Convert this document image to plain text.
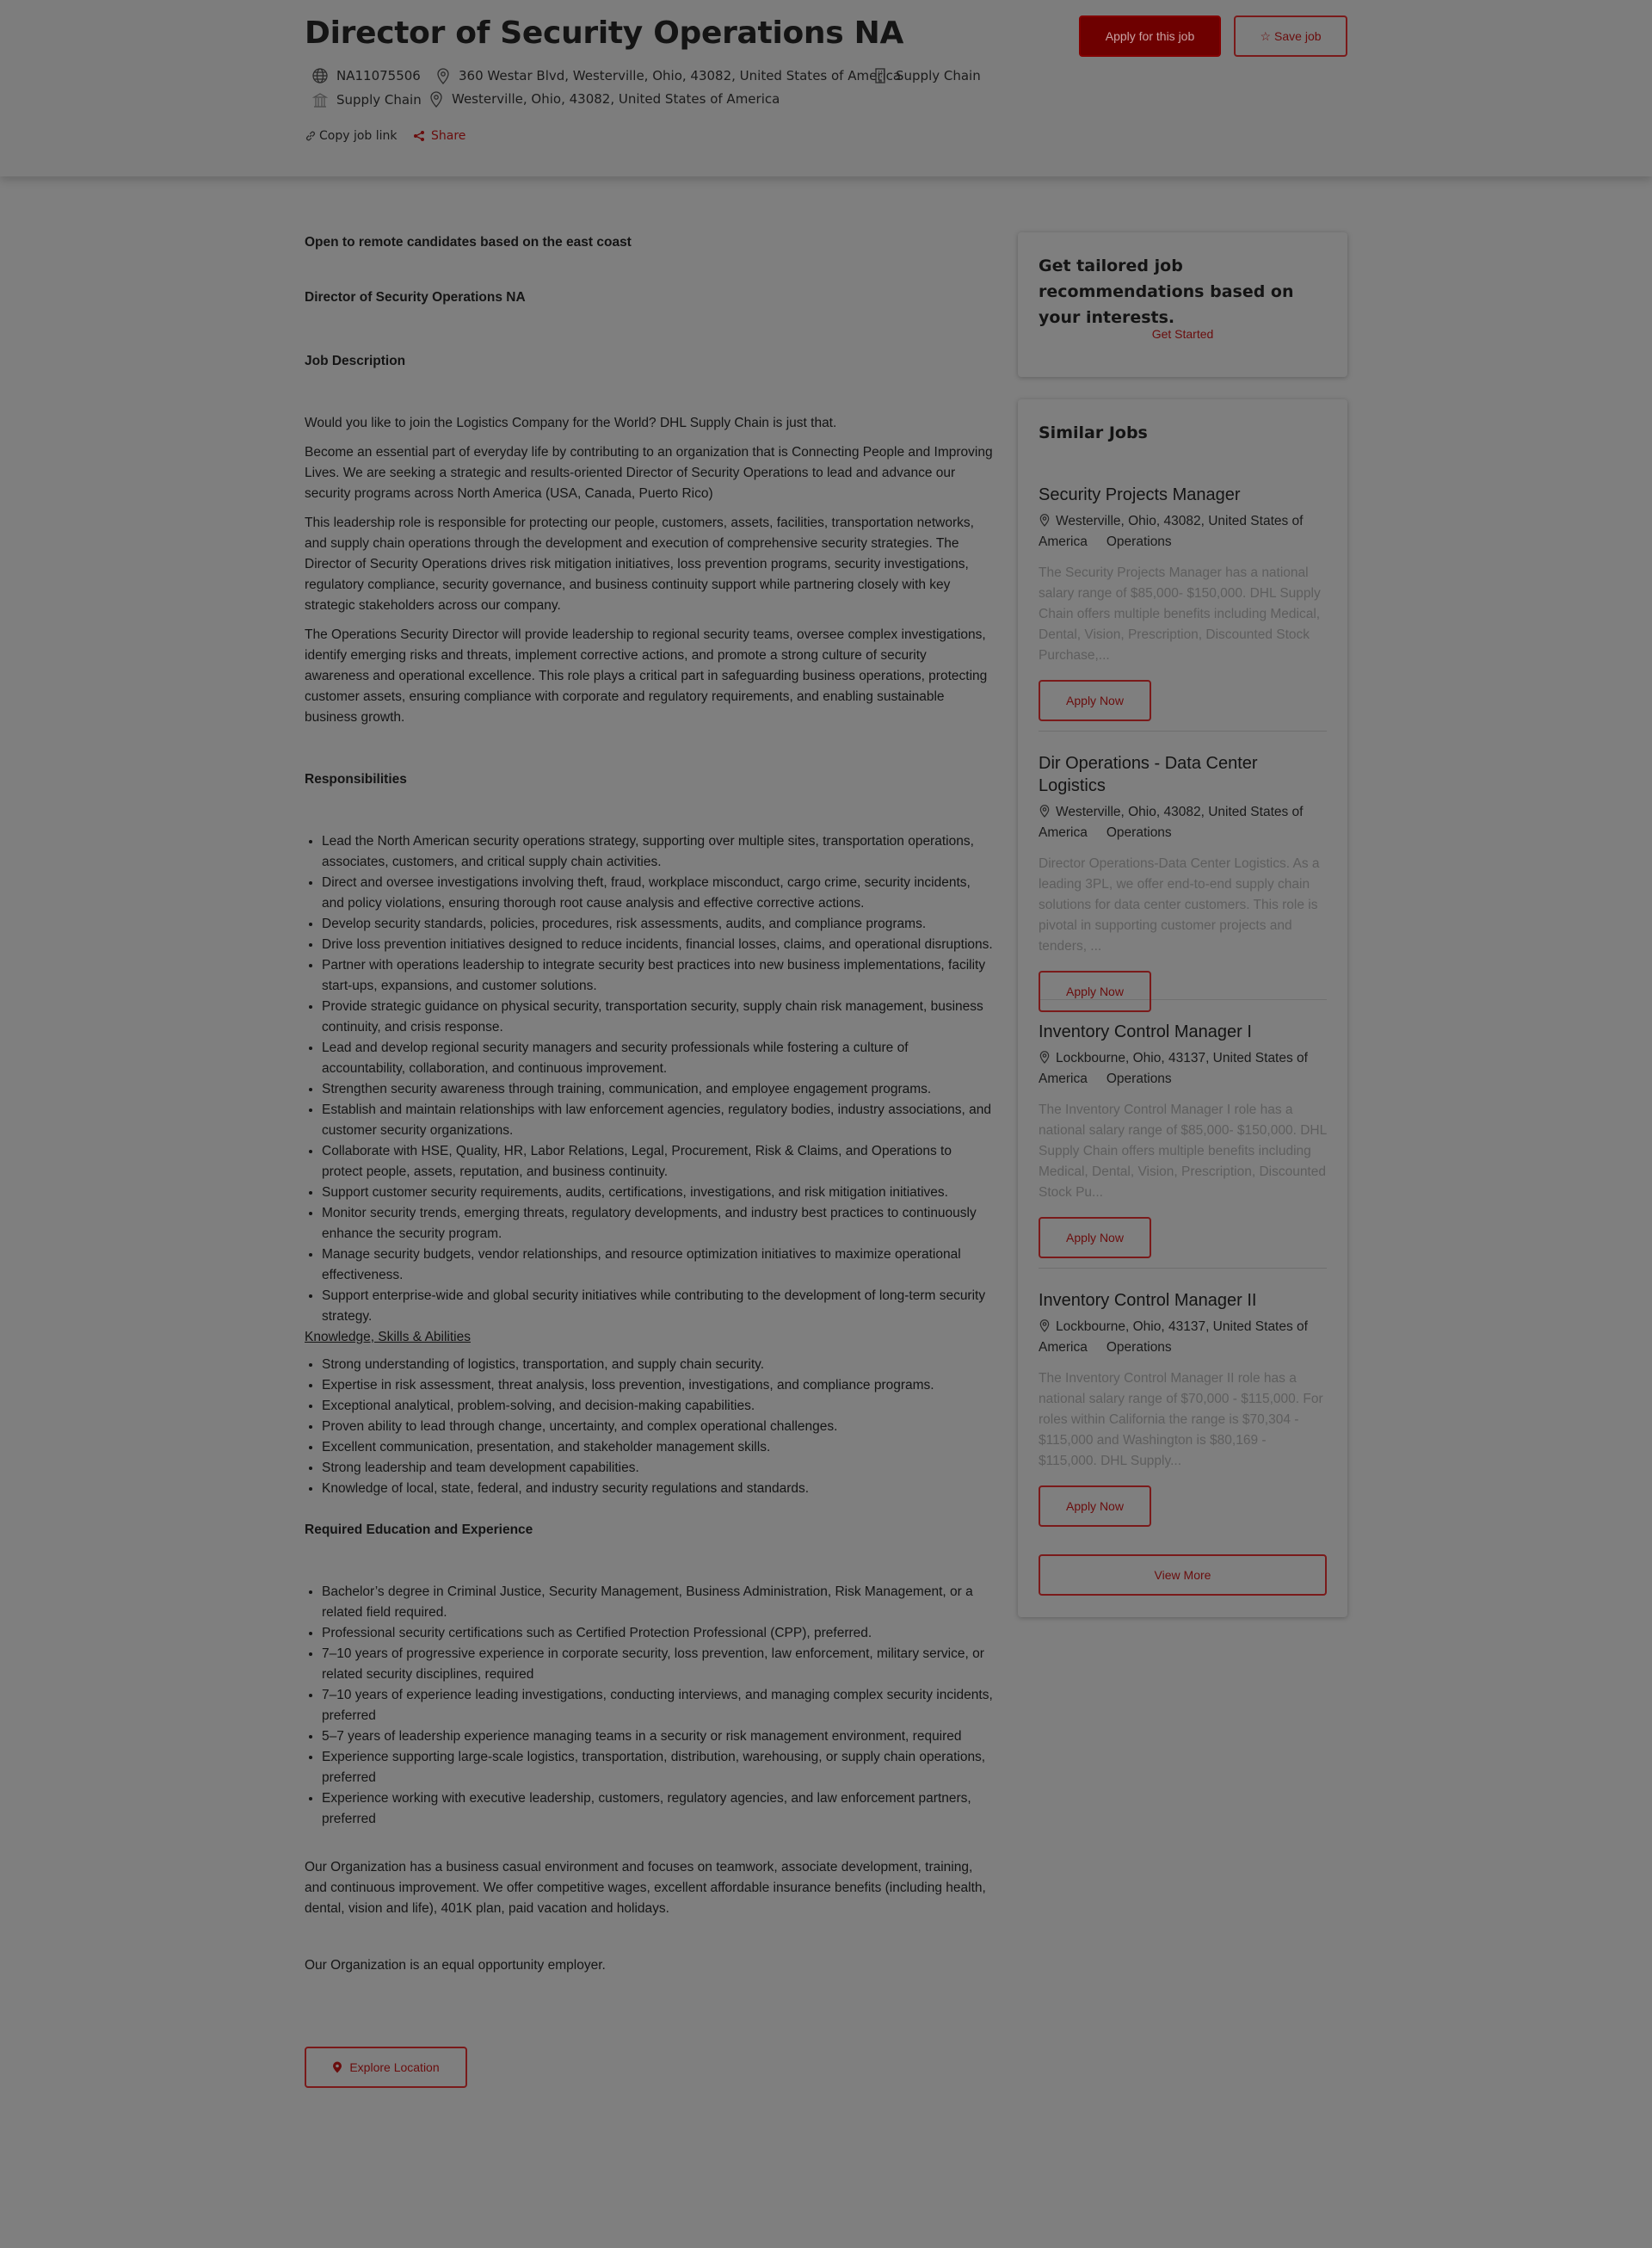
Director of Security Operations NA	Apply for this job	☆ Save job
NA11075506	360 Westar Blvd, Westerville, Ohio, 43082, United States of America
Supply Chain
Supply Chain Westerville, Ohio, 43082, United States of America
Copy job link	Share
Open to remote candidates based on the east coast
Director of Security Operations NA
Job Description

Would you like to join the Logistics Company for the World? DHL Supply Chain is just that.

Become an essential part of everyday life by contributing to an organization that is Connecting People and Improving Lives. We are seeking a strategic and results-oriented Director of Security Operations to lead and advance our security programs across North America (USA, Canada, Puerto Rico)

This leadership role is responsible for protecting our people, customers, assets, facilities, transportation networks, and supply chain operations through the development and execution of comprehensive security strategies. The Director of Security Operations drives risk mitigation initiatives, loss prevention programs, security investigations, regulatory compliance, security governance, and business continuity support while partnering closely with key strategic stakeholders across our company.

The Operations Security Director will provide leadership to regional security teams, oversee complex investigations, identify emerging risks and threats, implement corrective actions, and promote a strong culture of security awareness and operational excellence. This role plays a critical part in safeguarding business operations, protecting customer assets, ensuring compliance with corporate and regulatory requirements, and enabling sustainable business growth.

Responsibilities
• Lead the North American security operations strategy, supporting over multiple sites, transportation operations, associates, customers, and critical supply chain activities.
• Direct and oversee investigations involving theft, fraud, workplace misconduct, cargo crime, security incidents, and policy violations, ensuring thorough root cause analysis and effective corrective actions.
• Develop security standards, policies, procedures, risk assessments, audits, and compliance programs.
• Drive loss prevention initiatives designed to reduce incidents, financial losses, claims, and operational disruptions.
• Partner with operations leadership to integrate security best practices into new business implementations, facility start-ups, expansions, and customer solutions.
• Provide strategic guidance on physical security, transportation security, supply chain risk management, business continuity, and crisis response.
• Lead and develop regional security managers and security professionals while fostering a culture of accountability, collaboration, and continuous improvement.
• Strengthen security awareness through training, communication, and employee engagement programs.
• Establish and maintain relationships with law enforcement agencies, regulatory bodies, industry associations, and customer security organizations.
• Collaborate with HSE, Quality, HR, Labor Relations, Legal, Procurement, Risk & Claims, and Operations to protect people, assets, reputation, and business continuity.
• Support customer security requirements, audits, certifications, investigations, and risk mitigation initiatives.
• Monitor security trends, emerging threats, regulatory developments, and industry best practices to continuously enhance the security program.
• Manage security budgets, vendor relationships, and resource optimization initiatives to maximize operational effectiveness.
• Support enterprise-wide and global security initiatives while contributing to the development of long-term security strategy.
Knowledge, Skills & Abilities
• Strong understanding of logistics, transportation, and supply chain security.
• Expertise in risk assessment, threat analysis, loss prevention, investigations, and compliance programs.
• Exceptional analytical, problem-solving, and decision-making capabilities.
• Proven ability to lead through change, uncertainty, and complex operational challenges.
• Excellent communication, presentation, and stakeholder management skills.
• Strong leadership and team development capabilities.
• Knowledge of local, state, federal, and industry security regulations and standards.
Required Education and Experience
• Bachelor’s degree in Criminal Justice, Security Management, Business Administration, Risk Management, or a related field required.
• Professional security certifications such as Certified Protection Professional (CPP), preferred.
• 7–10 years of progressive experience in corporate security, loss prevention, law enforcement, military service, or related security disciplines, required
• 7–10 years of experience leading investigations, conducting interviews, and managing complex security incidents, preferred
• 5–7 years of leadership experience managing teams in a security or risk management environment, required
• Experience supporting large-scale logistics, transportation, distribution, warehousing, or supply chain operations, preferred
• Experience working with executive leadership, customers, regulatory agencies, and law enforcement partners, preferred

Our Organization has a business casual environment and focuses on teamwork, associate development, training, and continuous improvement. We offer competitive wages, excellent affordable insurance benefits (including health, dental, vision and life), 401K plan, paid vacation and holidays.

Our Organization is an equal opportunity employer.

Explore Location
Get tailored job recommendations based on your interests.
Get Started
Similar Jobs
Security Projects Manager
Westerville, Ohio, 43082, United States of America Operations
The Security Projects Manager has a national salary range of $85,000- $150,000. DHL Supply Chain offers multiple benefits including Medical, Dental, Vision, Prescription, Discounted Stock Purchase,...
Apply Now
Dir Operations - Data Center Logistics
Westerville, Ohio, 43082, United States of America Operations
Director Operations-Data Center Logistics. As a leading 3PL, we offer end-to-end supply chain solutions for data center customers. This role is pivotal in supporting customer projects and tenders, ...
Apply Now
Inventory Control Manager I
Lockbourne, Ohio, 43137, United States of America Operations
The Inventory Control Manager I role has a national salary range of $85,000- $150,000. DHL Supply Chain offers multiple benefits including Medical, Dental, Vision, Prescription, Discounted Stock Pu...
Apply Now
Inventory Control Manager II
Lockbourne, Ohio, 43137, United States of America Operations
The Inventory Control Manager II role has a national salary range of $70,000 - $115,000. For roles within California the range is $70,304 - $115,000 and Washington is $80,169 - $115,000. DHL Supply...
Apply Now
View More
